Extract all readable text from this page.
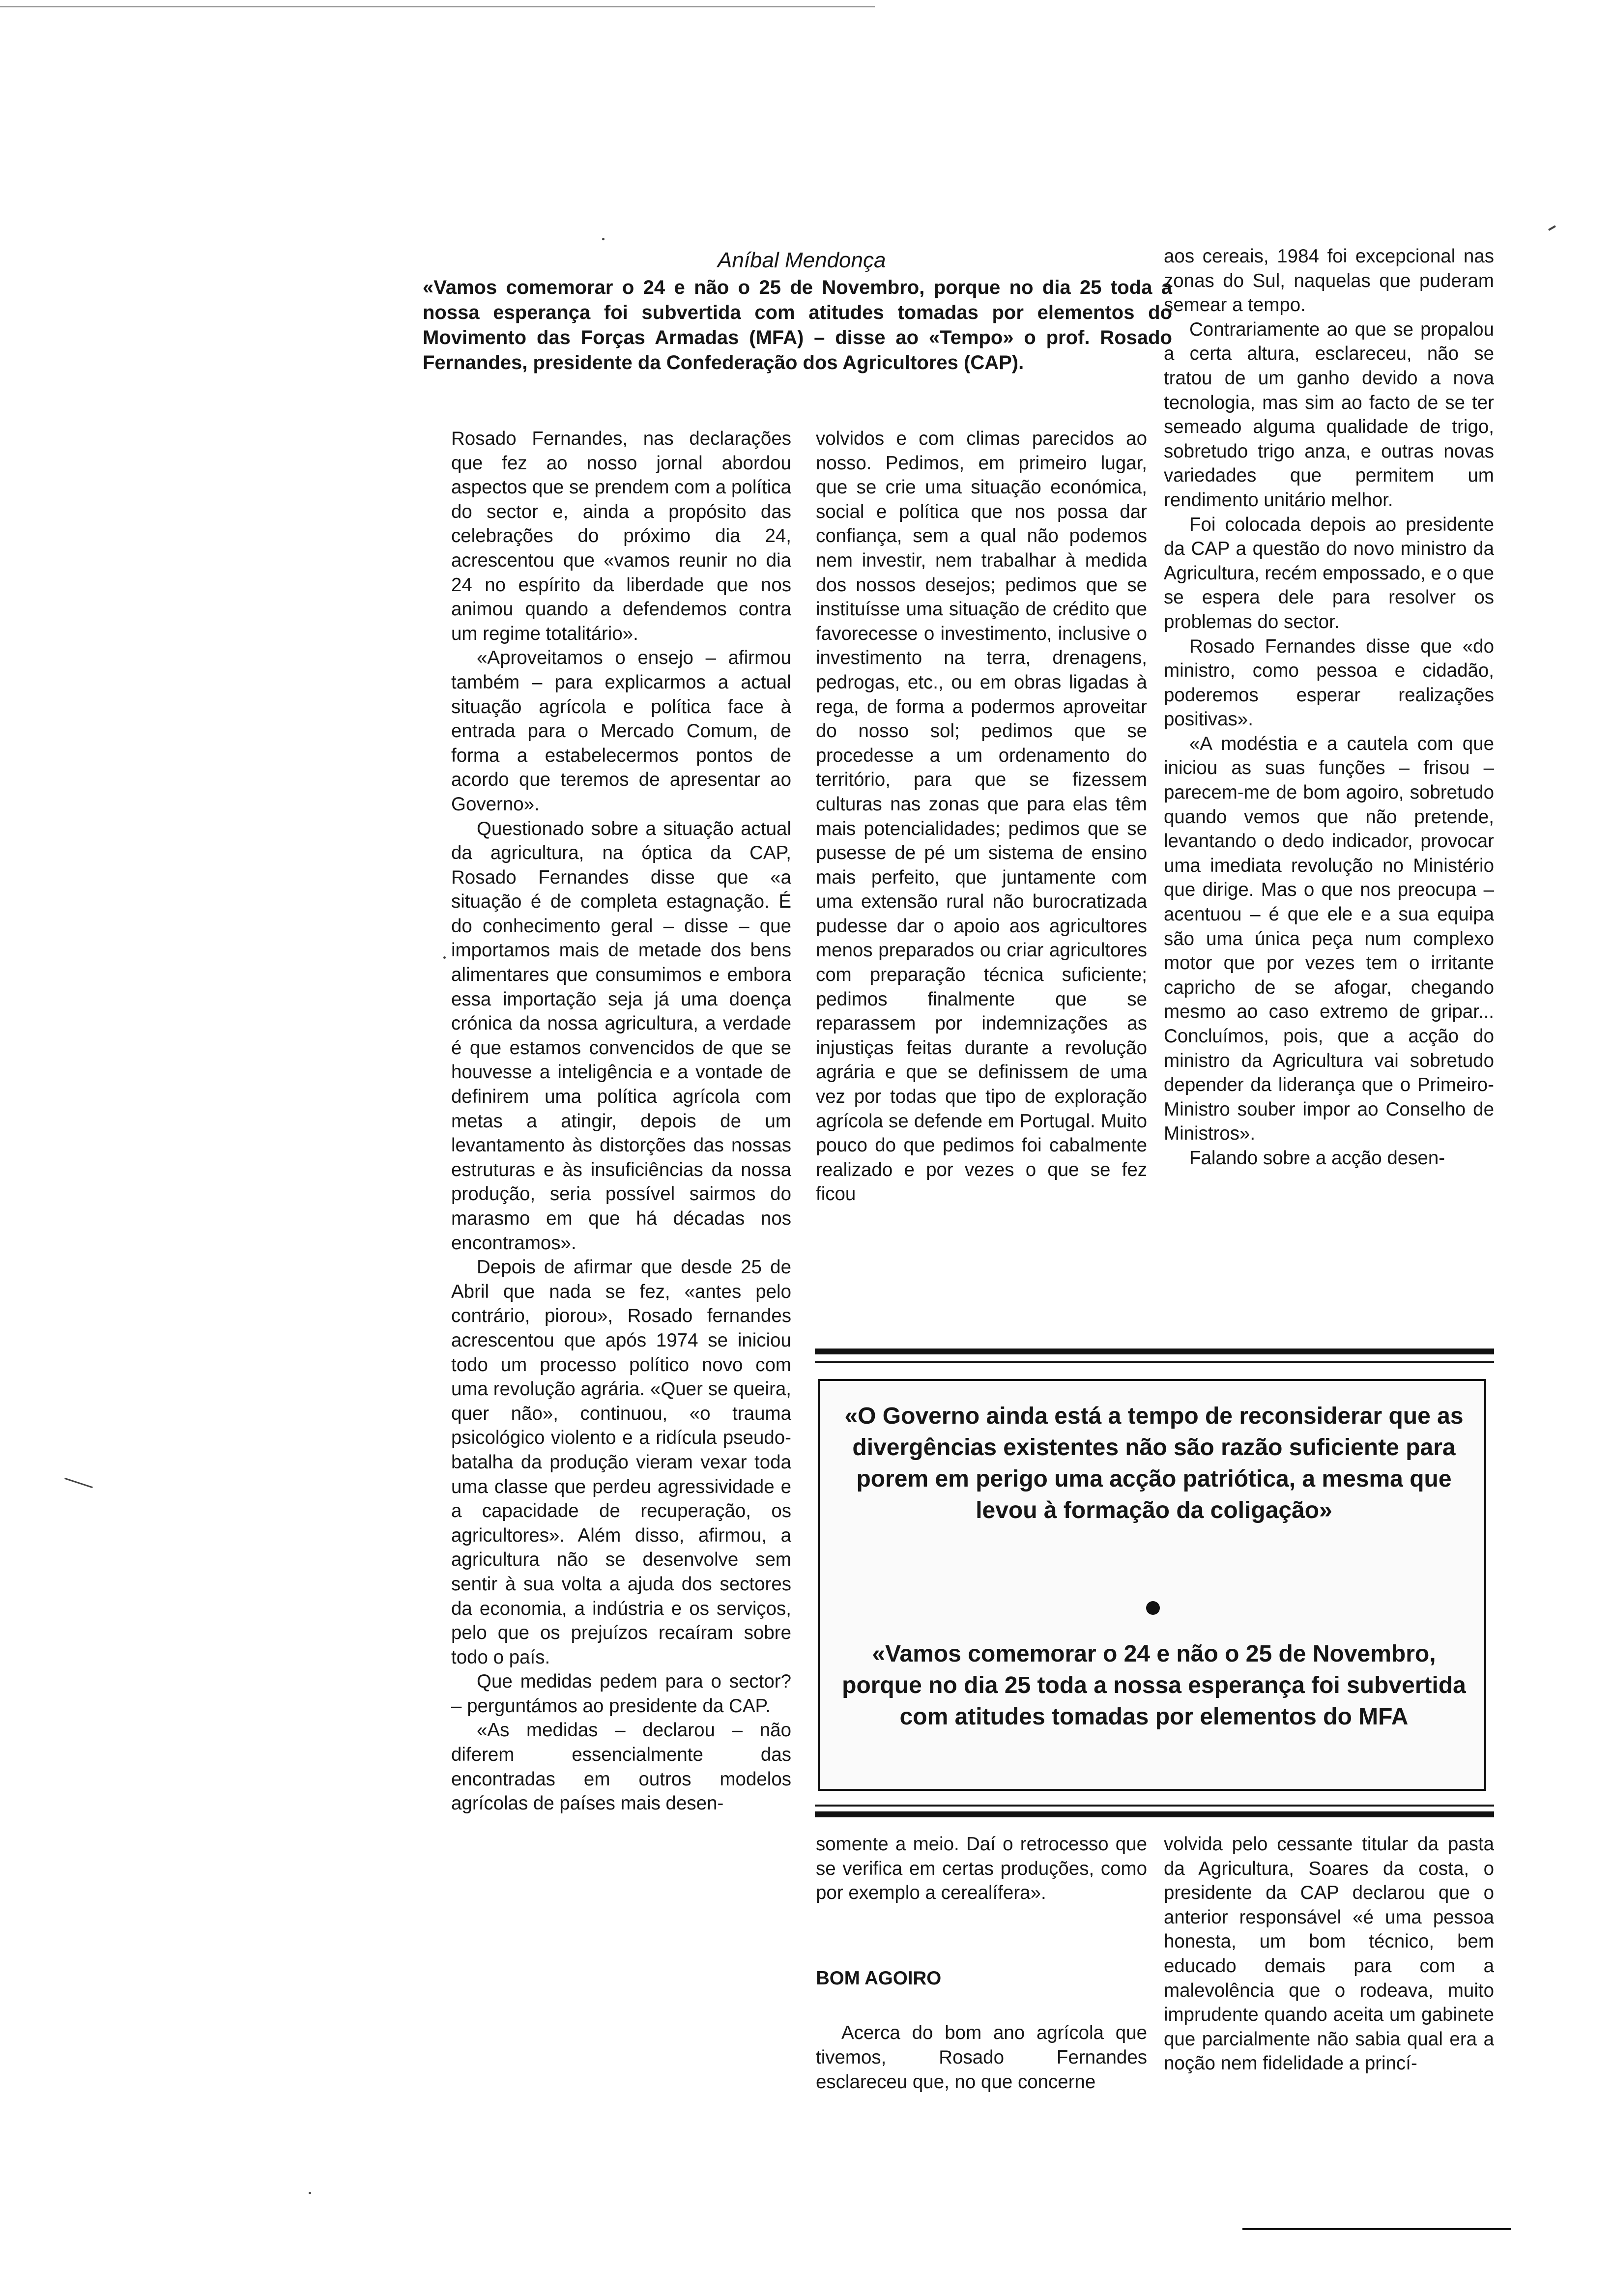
Aníbal Mendonça

«Vamos comemorar o 24 e não o 25 de Novembro, porque no dia 25 toda a nossa esperança foi subvertida com atitudes tomadas por elementos do Movimento das Forças Armadas (MFA) – disse ao «Tempo» o prof. Rosado Fernandes, presidente da Confederação dos Agricultores (CAP).

Rosado Fernandes, nas declarações que fez ao nosso jornal abordou aspectos que se prendem com a política do sector e, ainda a propósito das celebrações do próximo dia 24, acrescentou que «vamos reunir no dia 24 no espírito da liberdade que nos animou quando a defendemos contra um regime totalitário».

«Aproveitamos o ensejo – afirmou também – para explicarmos a actual situação agrícola e política face à entrada para o Mercado Comum, de forma a estabelecermos pontos de acordo que teremos de apresentar ao Governo».

Questionado sobre a situação actual da agricultura, na óptica da CAP, Rosado Fernandes disse que «a situação é de completa estagnação. É do conhecimento geral – disse – que importamos mais de metade dos bens alimentares que consumimos e embora essa importação seja já uma doença crónica da nossa agricultura, a verdade é que estamos convencidos de que se houvesse a inteligência e a vontade de definirem uma política agrícola com metas a atingir, depois de um levantamento às distorções das nossas estruturas e às insuficiências da nossa produção, seria possível sairmos do marasmo em que há décadas nos encontramos».

Depois de afirmar que desde 25 de Abril que nada se fez, «antes pelo contrário, piorou», Rosado fernandes acrescentou que após 1974 se iniciou todo um processo político novo com uma revolução agrária. «Quer se queira, quer não», continuou, «o trauma psicológico violento e a ridícula pseudo-batalha da produção vieram vexar toda uma classe que perdeu agressividade e a capacidade de recuperação, os agricultores». Além disso, afirmou, a agricultura não se desenvolve sem sentir à sua volta a ajuda dos sectores da economia, a indústria e os serviços, pelo que os prejuízos recaíram sobre todo o país.

Que medidas pedem para o sector? – perguntámos ao presidente da CAP.

«As medidas – declarou – não diferem essencialmente das encontradas em outros modelos agrícolas de países mais desen-

volvidos e com climas parecidos ao nosso. Pedimos, em primeiro lugar, que se crie uma situação económica, social e política que nos possa dar confiança, sem a qual não podemos nem investir, nem trabalhar à medida dos nossos desejos; pedimos que se instituísse uma situação de crédito que favorecesse o investimento, inclusive o investimento na terra, drenagens, pedrogas, etc., ou em obras ligadas à rega, de forma a podermos aproveitar do nosso sol; pedimos que se procedesse a um ordenamento do território, para que se fizessem culturas nas zonas que para elas têm mais potencialidades; pedimos que se pusesse de pé um sistema de ensino mais perfeito, que juntamente com uma extensão rural não burocratizada pudesse dar o apoio aos agricultores menos preparados ou criar agricultores com preparação técnica suficiente; pedimos finalmente que se reparassem por indemnizações as injustiças feitas durante a revolução agrária e que se definissem de uma vez por todas que tipo de exploração agrícola se defende em Portugal. Muito pouco do que pedimos foi cabalmente realizado e por vezes o que se fez ficou

aos cereais, 1984 foi excepcional nas zonas do Sul, naquelas que puderam semear a tempo.

Contrariamente ao que se propalou a certa altura, esclareceu, não se tratou de um ganho devido a nova tecnologia, mas sim ao facto de se ter semeado alguma qualidade de trigo, sobretudo trigo anza, e outras novas variedades que permitem um rendimento unitário melhor.

Foi colocada depois ao presidente da CAP a questão do novo ministro da Agricultura, recém empossado, e o que se espera dele para resolver os problemas do sector.

Rosado Fernandes disse que «do ministro, como pessoa e cidadão, poderemos esperar realizações positivas».

«A modéstia e a cautela com que iniciou as suas funções – frisou – parecem-me de bom agoiro, sobretudo quando vemos que não pretende, levantando o dedo indicador, provocar uma imediata revolução no Ministério que dirige. Mas o que nos preocupa – acentuou – é que ele e a sua equipa são uma única peça num complexo motor que por vezes tem o irritante capricho de se afogar, chegando mesmo ao caso extremo de gripar... Concluímos, pois, que a acção do ministro da Agricultura vai sobretudo depender da liderança que o Primeiro-Ministro souber impor ao Conselho de Ministros».

Falando sobre a acção desen-

«O Governo ainda está a tempo de reconsiderar que as divergências existentes não são razão suficiente para porem em perigo uma acção patriótica, a mesma que levou à formação da coligação»

«Vamos comemorar o 24 e não o 25 de Novembro, porque no dia 25 toda a nossa esperança foi subvertida com atitudes tomadas por elementos do MFA

somente a meio. Daí o retrocesso que se verifica em certas produções, como por exemplo a cerealífera».

BOM AGOIRO

Acerca do bom ano agrícola que tivemos, Rosado Fernandes esclareceu que, no que concerne

volvida pelo cessante titular da pasta da Agricultura, Soares da costa, o presidente da CAP declarou que o anterior responsável «é uma pessoa honesta, um bom técnico, bem educado demais para com a malevolência que o rodeava, muito imprudente quando aceita um gabinete que parcialmente não sabia qual era a noção nem fidelidade a princí-
